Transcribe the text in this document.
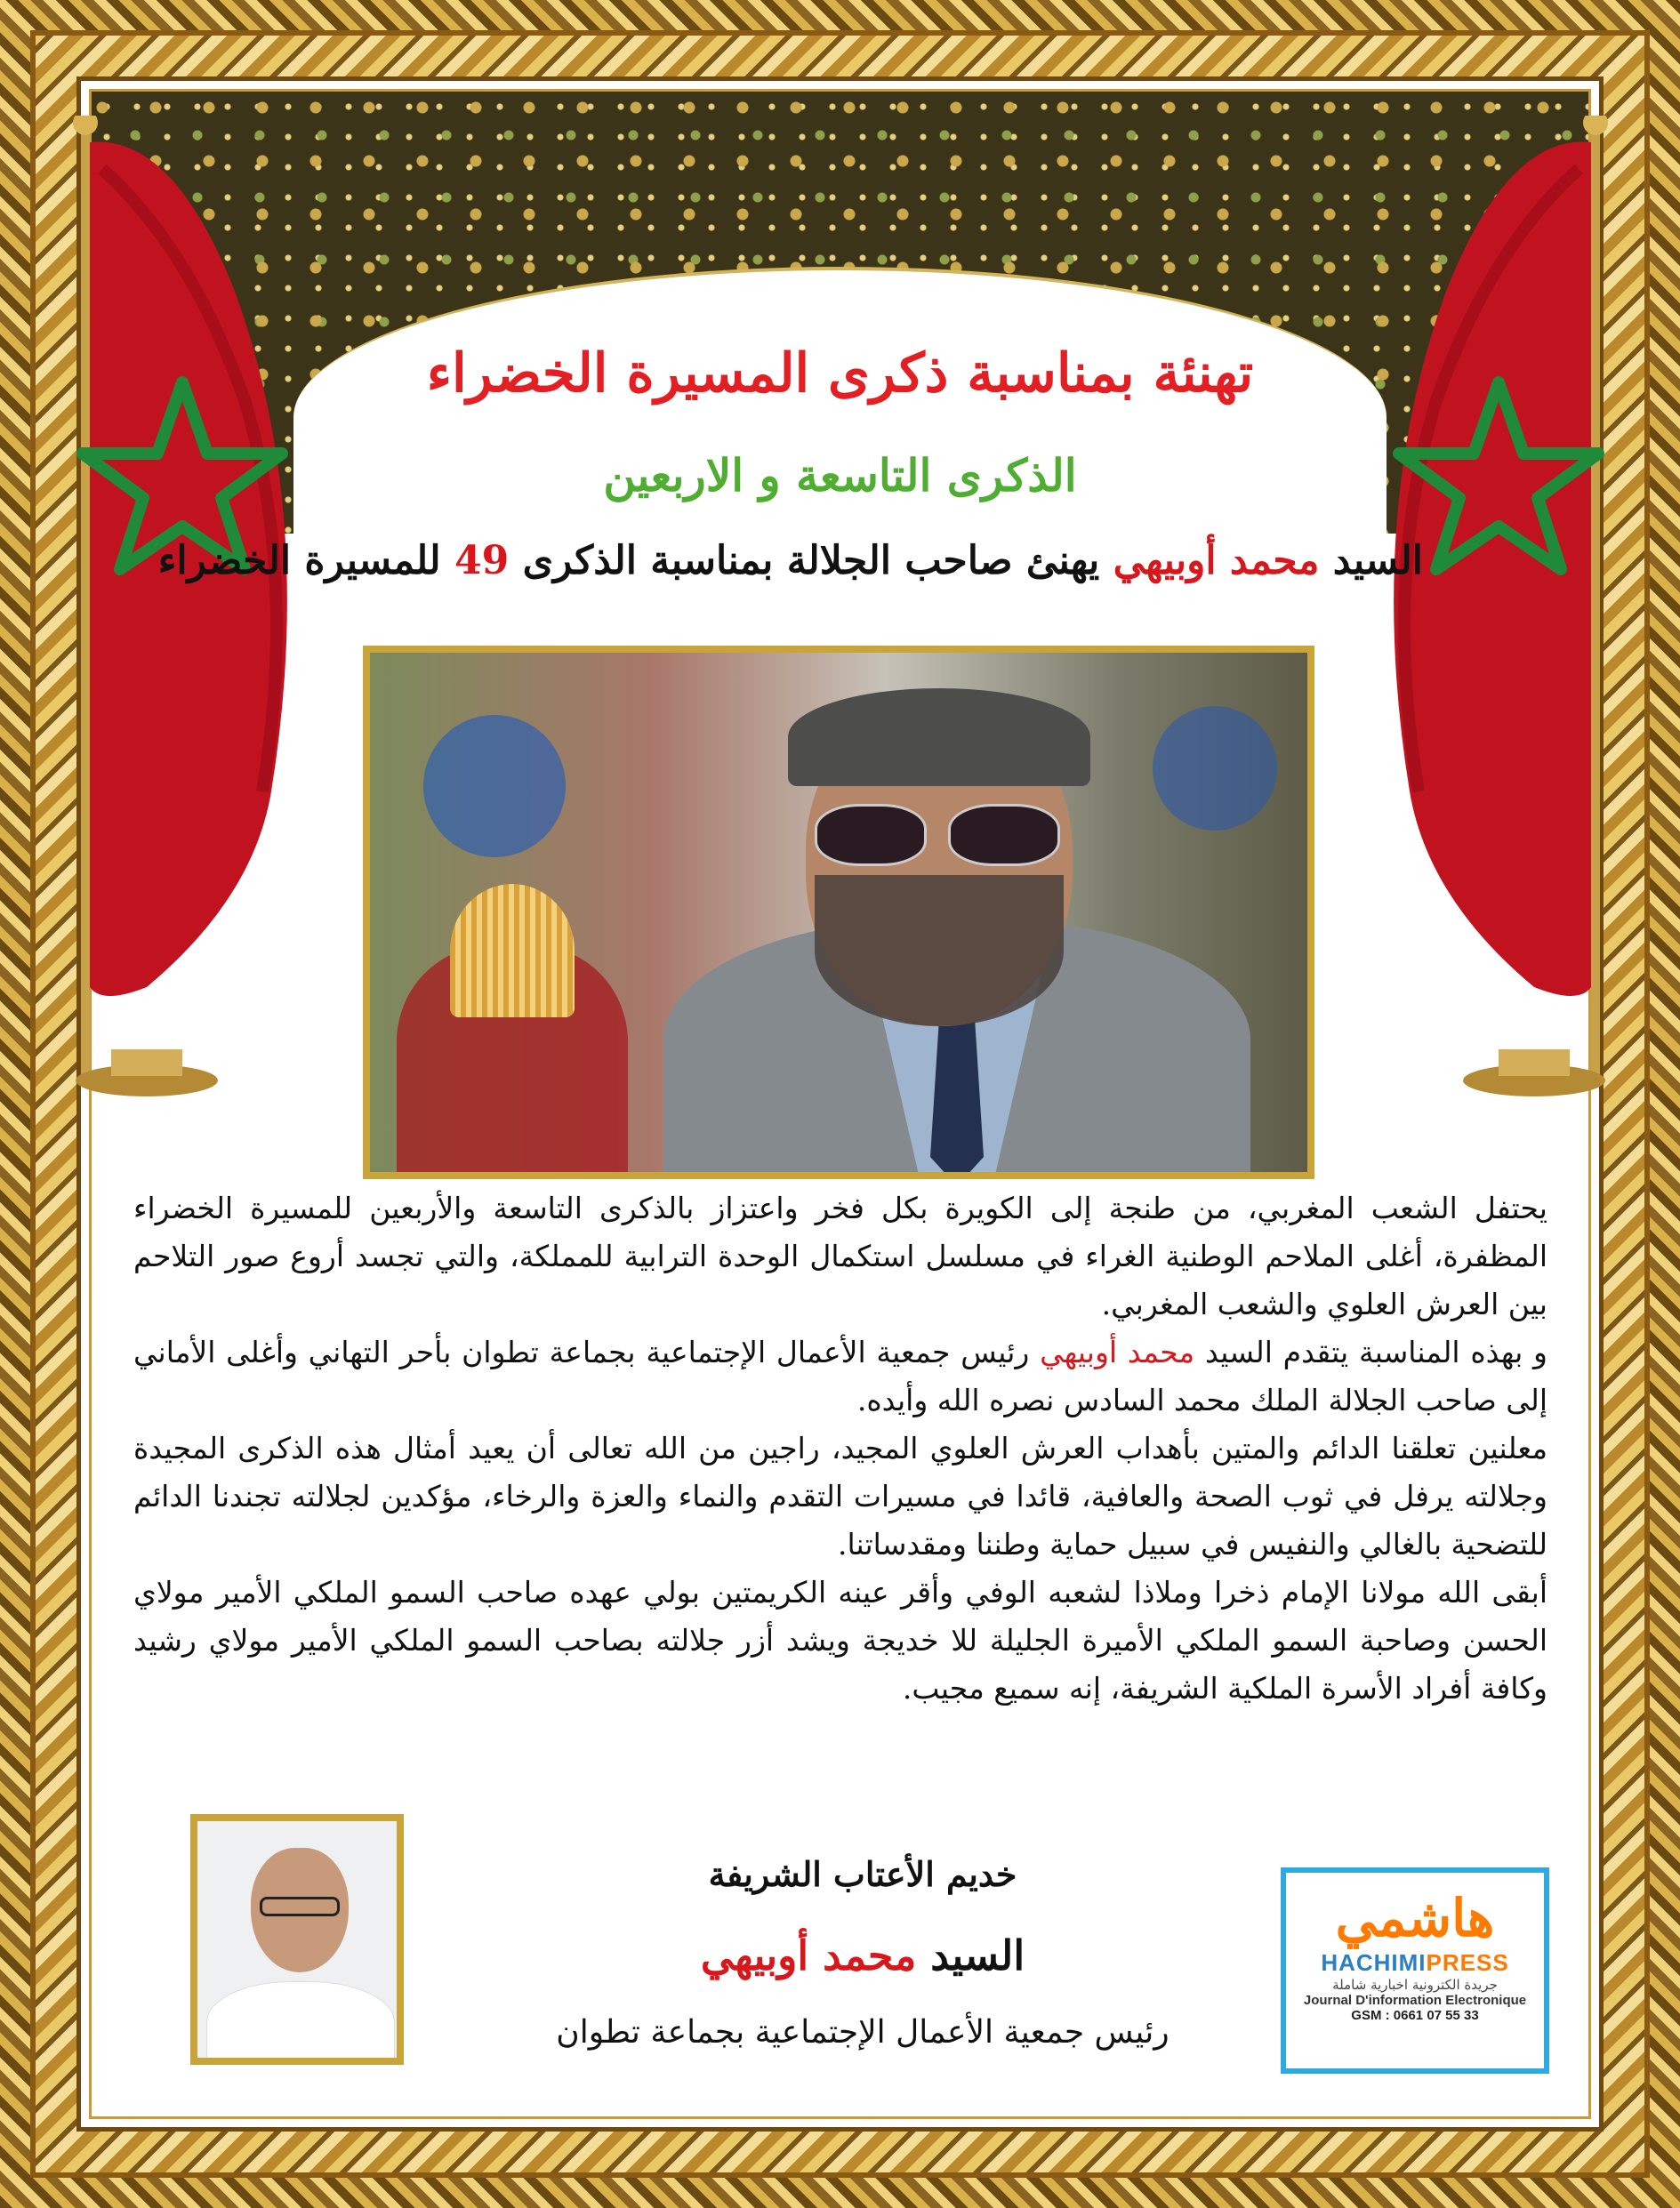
تهنئة بمناسبة ذكرى المسيرة الخضراء
الذكرى التاسعة و الاربعين
السيد محمد أوبيهي يهنئ صاحب الجلالة بمناسبة الذكرى 49 للمسيرة الخضراء

يحتفل الشعب المغربي، من طنجة إلى الكويرة بكل فخر واعتزاز بالذكرى التاسعة والأربعين للمسيرة الخضراء المظفرة، أغلى الملاحم الوطنية الغراء في مسلسل استكمال الوحدة الترابية للمملكة، والتي تجسد أروع صور التلاحم بين العرش العلوي والشعب المغربي.

و بهذه المناسبة يتقدم السيد محمد أوبيهي رئيس جمعية الأعمال الإجتماعية بجماعة تطوان بأحر التهاني وأغلى الأماني إلى صاحب الجلالة الملك محمد السادس نصره الله وأيده.

معلنين تعلقنا الدائم والمتين بأهداب العرش العلوي المجيد، راجين من الله تعالى أن يعيد أمثال هذه الذكرى المجيدة وجلالته يرفل في ثوب الصحة والعافية، قائدا في مسيرات التقدم والنماء والعزة والرخاء، مؤكدين لجلالته تجندنا الدائم للتضحية بالغالي والنفيس في سبيل حماية وطننا ومقدساتنا.

أبقى الله مولانا الإمام ذخرا وملاذا لشعبه الوفي وأقر عينه الكريمتين بولي عهده صاحب السمو الملكي الأمير مولاي الحسن وصاحبة السمو الملكي الأميرة الجليلة للا خديجة ويشد أزر جلالته بصاحب السمو الملكي الأمير مولاي رشيد وكافة أفراد الأسرة الملكية الشريفة، إنه سميع مجيب.

خديم الأعتاب الشريفة
السيد محمد أوبيهي
رئيس جمعية الأعمال الإجتماعية بجماعة تطوان
هاشمي
HACHIMIPRESS
جريدة الكترونية اخبارية شاملة
Journal D'information Electronique
GSM : 0661 07 55 33
